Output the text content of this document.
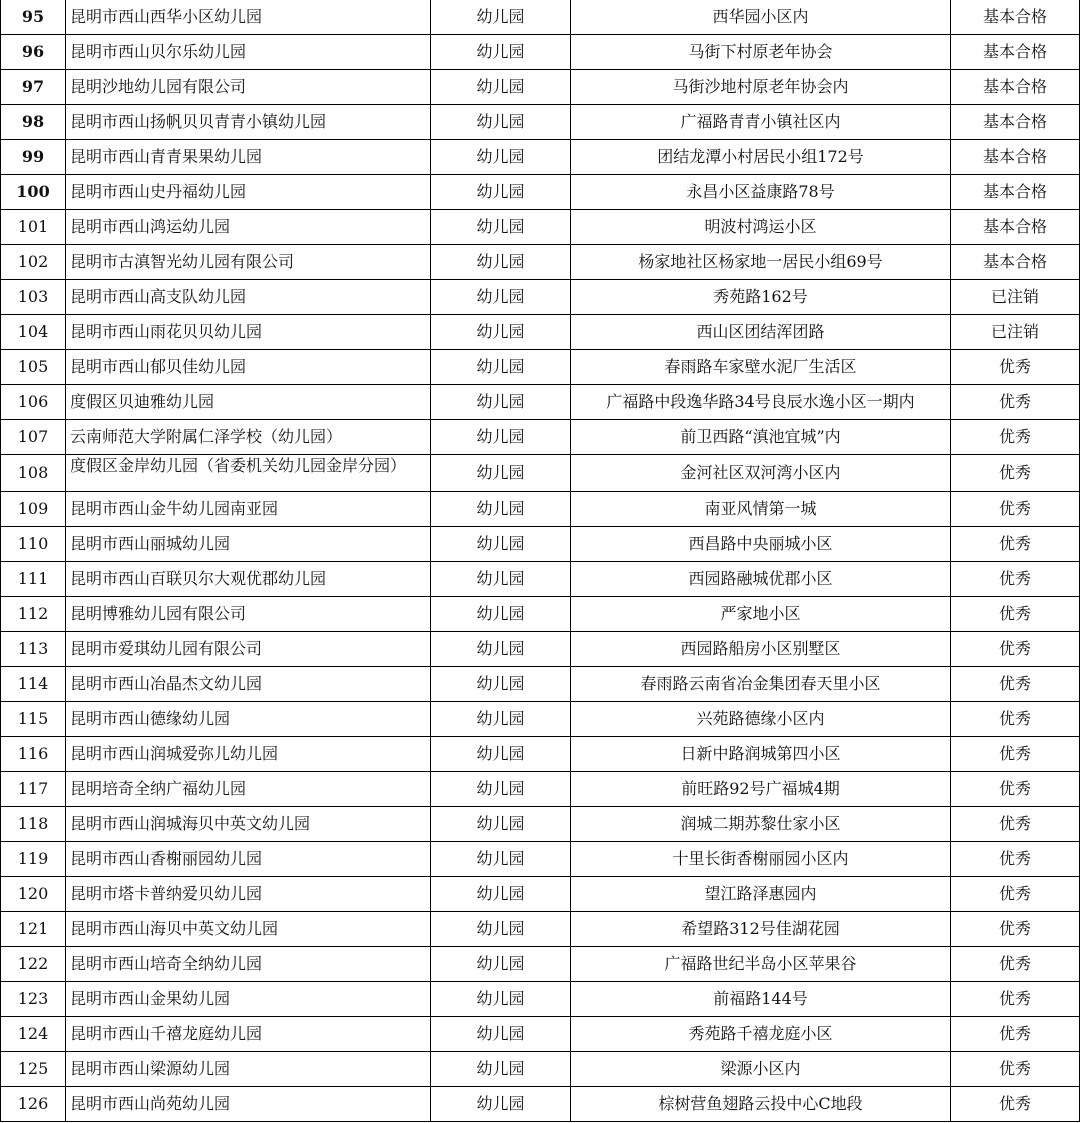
95	昆明市西山西华小区幼儿园	幼儿园	西华园小区内	基本合格
96	昆明市西山贝尔乐幼儿园	幼儿园	马街下村原老年协会	基本合格
97	昆明沙地幼儿园有限公司	幼儿园	马街沙地村原老年协会内	基本合格
98	昆明市西山扬帆贝贝青青小镇幼儿园	幼儿园	广福路青青小镇社区内	基本合格
99	昆明市西山青青果果幼儿园	幼儿园	团结龙潭小村居民小组172号	基本合格
100	昆明市西山史丹福幼儿园	幼儿园	永昌小区益康路78号	基本合格
101	昆明市西山鸿运幼儿园	幼儿园	明波村鸿运小区	基本合格
102	昆明市古滇智光幼儿园有限公司	幼儿园	杨家地社区杨家地一居民小组69号	基本合格
103	昆明市西山高支队幼儿园	幼儿园	秀苑路162号	已注销
104	昆明市西山雨花贝贝幼儿园	幼儿园	西山区团结浑团路	已注销
105	昆明市西山郁贝佳幼儿园	幼儿园	春雨路车家壁水泥厂生活区	优秀
106	度假区贝迪雅幼儿园	幼儿园	广福路中段逸华路34号良辰水逸小区一期内	优秀
107	云南师范大学附属仁泽学校（幼儿园）	幼儿园	前卫西路“滇池宜城”内	优秀
108	度假区金岸幼儿园（省委机关幼儿园金岸分园）	幼儿园	金河社区双河湾小区内	优秀
109	昆明市西山金牛幼儿园南亚园	幼儿园	南亚风情第一城	优秀
110	昆明市西山丽城幼儿园	幼儿园	西昌路中央丽城小区	优秀
111	昆明市西山百联贝尔大观优郡幼儿园	幼儿园	西园路融城优郡小区	优秀
112	昆明博雅幼儿园有限公司	幼儿园	严家地小区	优秀
113	昆明市爱琪幼儿园有限公司	幼儿园	西园路船房小区别墅区	优秀
114	昆明市西山冶晶杰文幼儿园	幼儿园	春雨路云南省冶金集团春天里小区	优秀
115	昆明市西山德缘幼儿园	幼儿园	兴苑路德缘小区内	优秀
116	昆明市西山润城爱弥儿幼儿园	幼儿园	日新中路润城第四小区	优秀
117	昆明培奇全纳广福幼儿园	幼儿园	前旺路92号广福城4期	优秀
118	昆明市西山润城海贝中英文幼儿园	幼儿园	润城二期苏黎仕家小区	优秀
119	昆明市西山香榭丽园幼儿园	幼儿园	十里长街香榭丽园小区内	优秀
120	昆明市塔卡普纳爱贝幼儿园	幼儿园	望江路泽惠园内	优秀
121	昆明市西山海贝中英文幼儿园	幼儿园	希望路312号佳湖花园	优秀
122	昆明市西山培奇全纳幼儿园	幼儿园	广福路世纪半岛小区苹果谷	优秀
123	昆明市西山金果幼儿园	幼儿园	前福路144号	优秀
124	昆明市西山千禧龙庭幼儿园	幼儿园	秀苑路千禧龙庭小区	优秀
125	昆明市西山梁源幼儿园	幼儿园	梁源小区内	优秀
126	昆明市西山尚苑幼儿园	幼儿园	棕树营鱼翅路云投中心C地段	优秀
